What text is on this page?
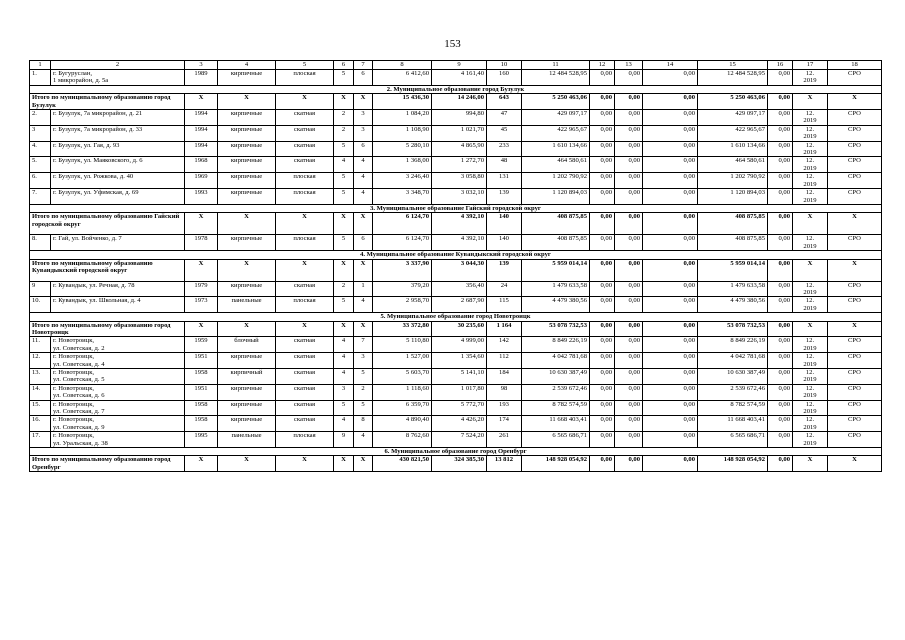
153
1	2	3	4	5	6	7	8	9	10	11	12	13	14	15	16	17	18
1.	г. Бугуруслан,
1 микрорайон, д. 5а	1989	кирпичные	плоская	5	6	6 412,60	4 161,40	160	12 484 528,95	0,00	0,00	0,00	12 484 528,95	0,00	12.
2019	СРО
2. Муниципальное образование город Бузулук																	
Итого по муниципальному образованию город Бузулук		X	X	X	X	X	15 436,30	14 246,00	643	5 250 463,06	0,00	0,00	0,00	5 250 463,06	0,00	X	X
2.	г. Бузулук, 7а микрорайон, д. 21	1994	кирпичные	скатная	2	3	1 084,20	994,80	47	429 097,17	0,00	0,00	0,00	429 097,17	0,00	12.
2019	СРО
3	г. Бузулук, 7а микрорайон, д. 33	1994	кирпичные	скатная	2	3	1 108,90	1 021,70	45	422 965,67	0,00	0,00	0,00	422 965,67	0,00	12.
2019	СРО
4.	г. Бузулук, ул. Гая, д. 93	1994	кирпичные	скатная	5	6	5 280,10	4 865,90	233	1 610 134,66	0,00	0,00	0,00	1 610 134,66	0,00	12.
2019	СРО
5.	г. Бузулук, ул. Маяковского, д. 6	1968	кирпичные	скатная	4	4	1 368,00	1 272,70	48	464 580,61	0,00	0,00	0,00	464 580,61	0,00	12.
2019	СРО
6.	г. Бузулук, ул. Рожкова, д. 40	1969	кирпичные	плоская	5	4	3 246,40	3 058,80	131	1 202 790,92	0,00	0,00	0,00	1 202 790,92	0,00	12.
2019	СРО
7.	г. Бузулук, ул. Уфимская, д. 69	1993	кирпичные	плоская	5	4	3 348,70	3 032,10	139	1 120 894,03	0,00	0,00	0,00	1 120 894,03	0,00	12.
2019	СРО
3. Муниципальное образование Гайский городской округ																	
Итого по муниципальному образованию Гайский городской округ		X	X	X	X	X	6 124,70	4 392,10	140	408 875,85	0,00	0,00	0,00	408 875,85	0,00	X	X
8.	г. Гай, ул. Войченко, д. 7	1978	кирпичные	плоская	5	6	6 124,70	4 392,10	140	408 875,85	0,00	0,00	0,00	408 875,85	0,00	12.
2019	СРО
4. Муниципальное образование Кувандыкский городской округ																	
Итого по муниципальному образованию Кувандыкский городской округ		X	X	X	X	X	3 337,90	3 044,30	139	5 959 014,14	0,00	0,00	0,00	5 959 014,14	0,00	X	X
9	г. Кувандык, ул. Речная, д. 78	1979	кирпичные	скатная	2	1	379,20	356,40	24	1 479 633,58	0,00	0,00	0,00	1 479 633,58	0,00	12.
2019	СРО
10.	г. Кувандык, ул. Школьная, д. 4	1973	панельные	плоская	5	4	2 958,70	2 687,90	115	4 479 380,56	0,00	0,00	0,00	4 479 380,56	0,00	12.
2019	СРО
5. Муниципальное образование город Новотроицк																	
Итого по муниципальному образованию город Новотроицк		X	X	X	X	X	33 372,80	30 235,60	1 164	53 078 732,53	0,00	0,00	0,00	53 078 732,53	0,00	X	X
11.	г. Новотроицк,
ул. Советская, д. 2	1959	блочный	скатная	4	7	5 110,80	4 999,00	142	8 849 226,19	0,00	0,00	0,00	8 849 226,19	0,00	12.
2019	СРО
12.	г. Новотроицк,
ул. Советская, д. 4	1951	кирпичные	скатная	4	3	1 527,00	1 354,60	112	4 042 781,68	0,00	0,00	0,00	4 042 781,68	0,00	12.
2019	СРО
13.	г. Новотроицк,
ул. Советская, д. 5	1958	кирпичный	скатная	4	5	5 603,70	5 141,10	184	10 630 387,49	0,00	0,00	0,00	10 630 387,49	0,00	12.
2019	СРО
14.	г. Новотроицк,
ул. Советская, д. 6	1951	кирпичные	скатная	3	2	1 118,60	1 017,80	98	2 539 672,46	0,00	0,00	0,00	2 539 672,46	0,00	12.
2019	СРО
15.	г. Новотроицк,
ул. Советская, д. 7	1958	кирпичные	скатная	5	5	6 359,70	5 772,70	193	8 782 574,59	0,00	0,00	0,00	8 782 574,59	0,00	12.
2019	СРО
16.	г. Новотроицк,
ул. Советская, д. 9	1958	кирпичные	скатная	4	8	4 890,40	4 426,20	174	11 668 403,41	0,00	0,00	0,00	11 668 403,41	0,00	12.
2019	СРО
17.	г. Новотроицк,
ул. Уральская, д. 38	1995	панельные	плоская	9	4	8 762,60	7 524,20	261	6 565 686,71	0,00	0,00	0,00	6 565 686,71	0,00	12.
2019	СРО
6. Муниципальное образование город Оренбург																	
Итого по муниципальному образованию город Оренбург		X	X	X	X	X	430 821,50	324 385,30	13 812	148 928 054,92	0,00	0,00	0,00	148 928 054,92	0,00	X	X
